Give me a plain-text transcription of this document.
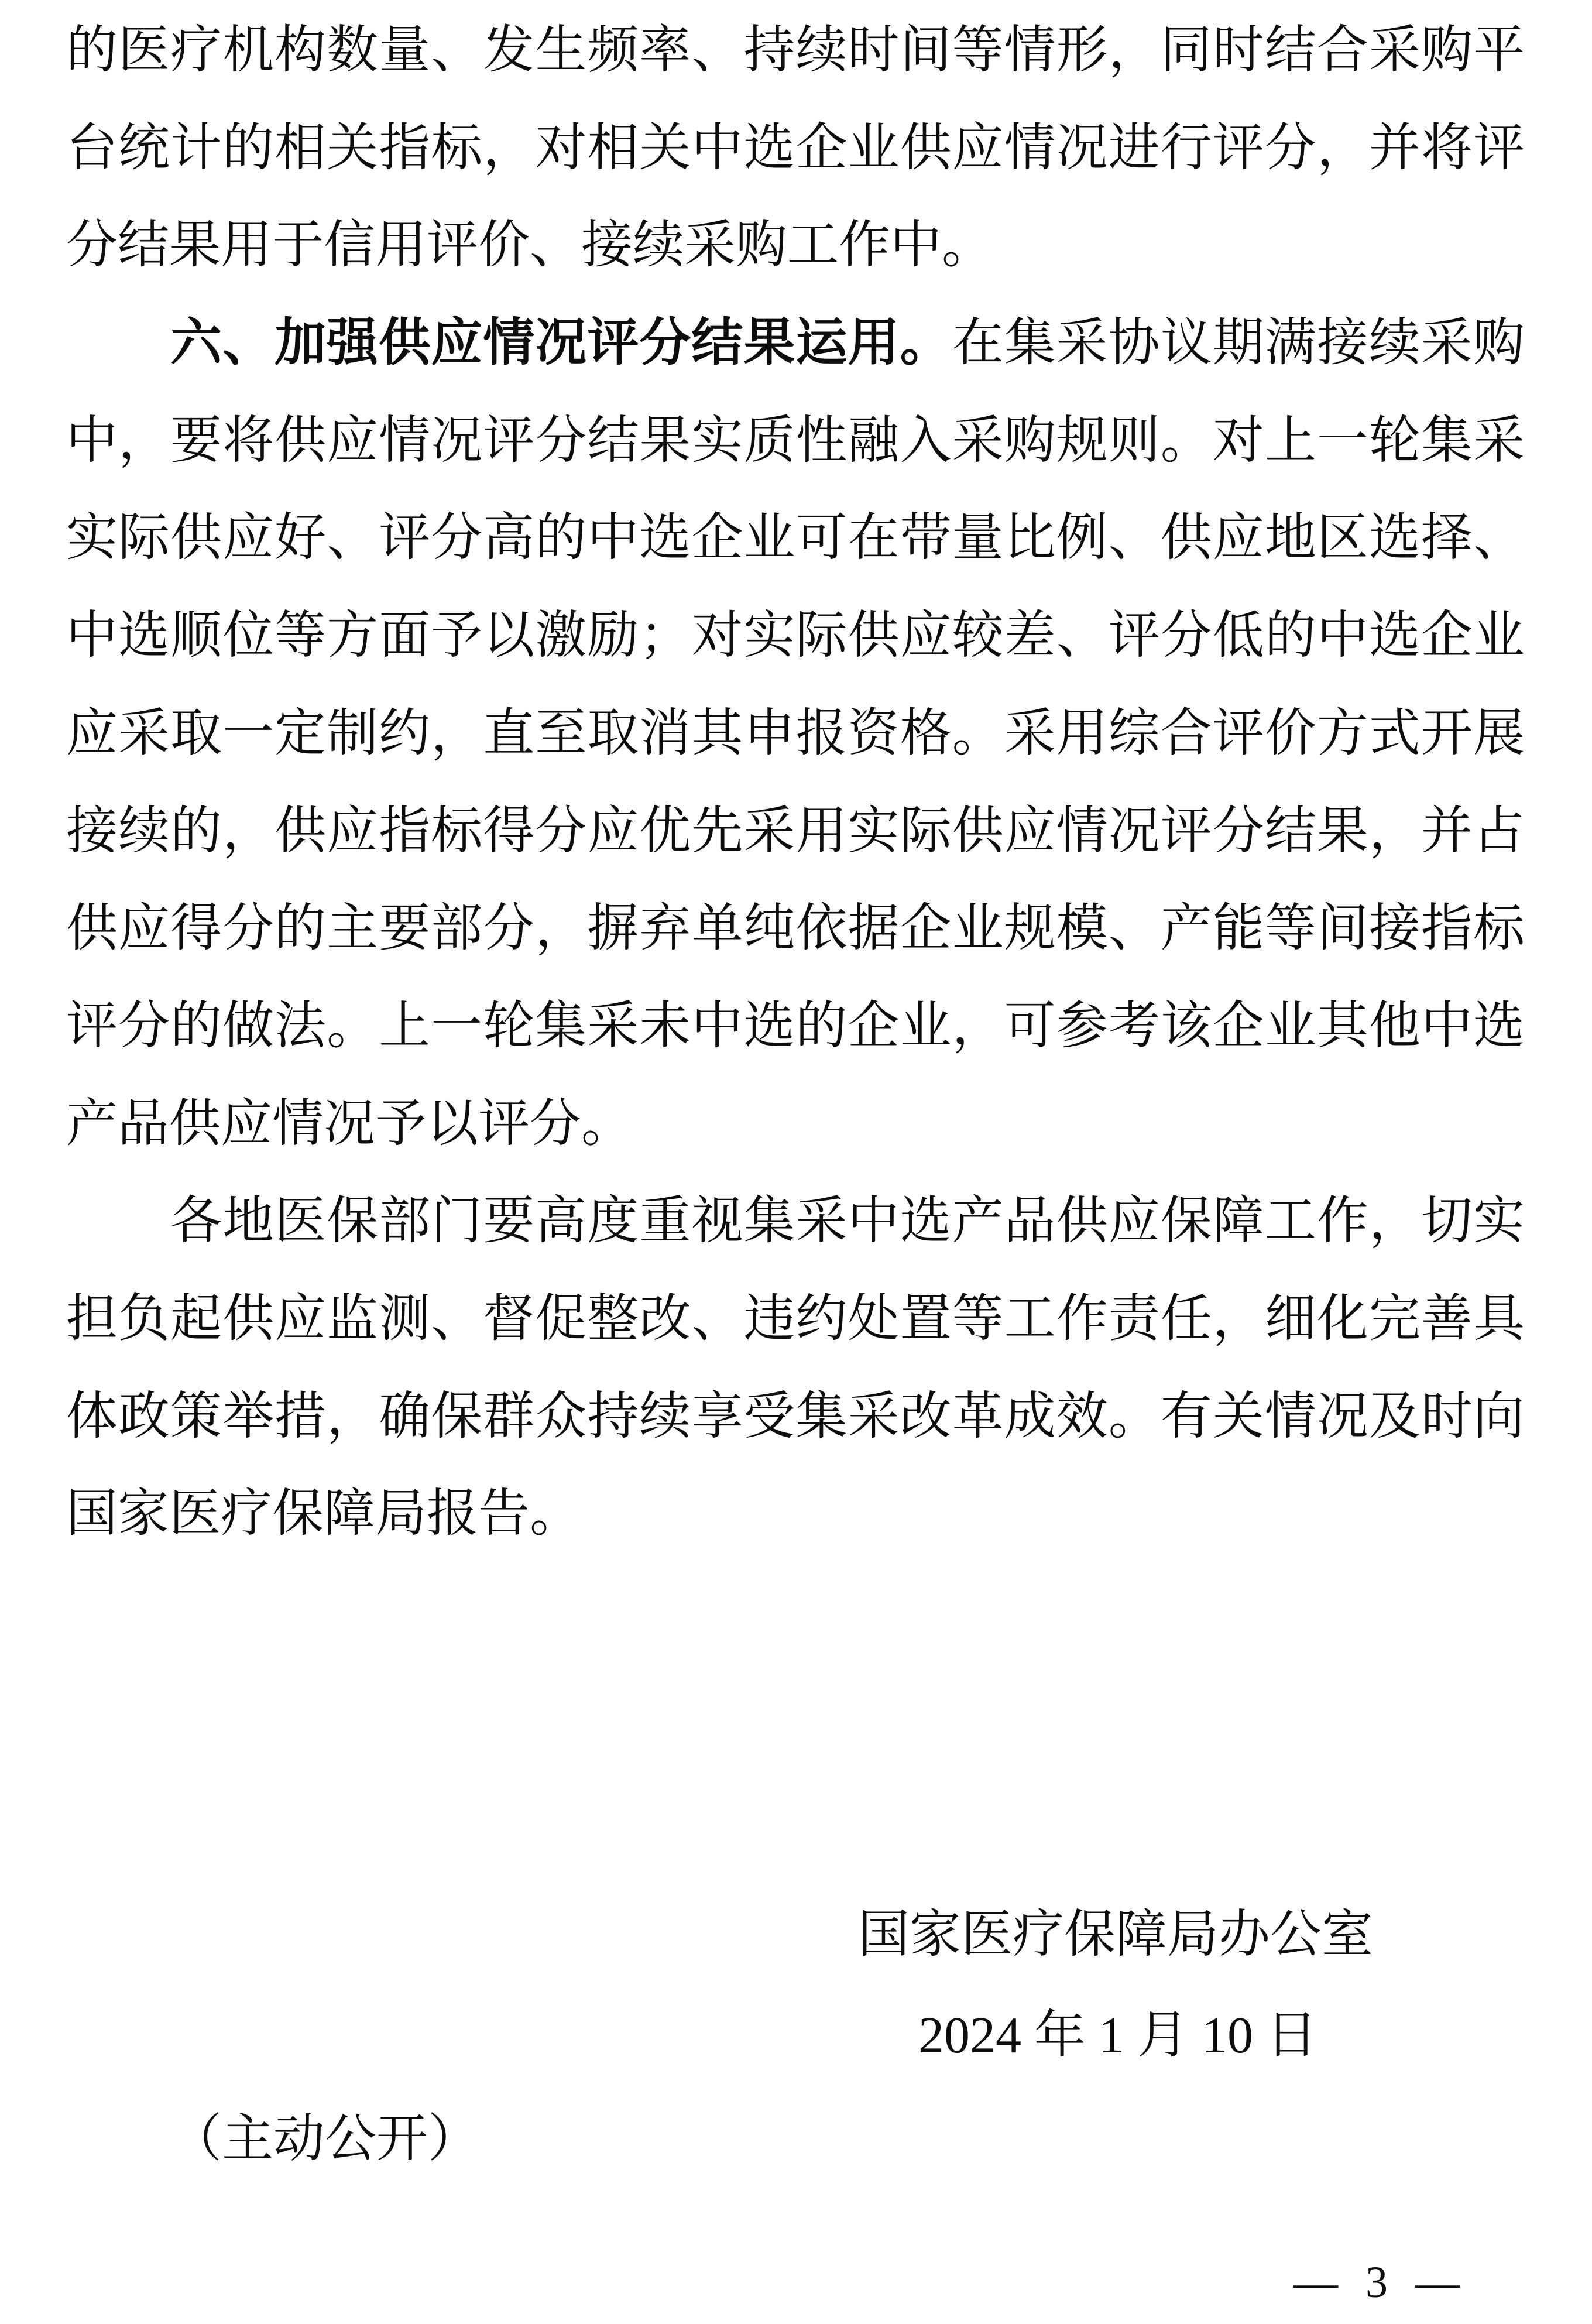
的医疗机构数量、发生频率、持续时间等情形，同时结合采购平

台统计的相关指标，对相关中选企业供应情况进行评分，并将评

分结果用于信用评价、接续采购工作中。

　　六、加强供应情况评分结果运用。在集采协议期满接续采购

中，要将供应情况评分结果实质性融入采购规则。对上一轮集采

实际供应好、评分高的中选企业可在带量比例、供应地区选择、

中选顺位等方面予以激励；对实际供应较差、评分低的中选企业

应采取一定制约，直至取消其申报资格。采用综合评价方式开展

接续的，供应指标得分应优先采用实际供应情况评分结果，并占

供应得分的主要部分，摒弃单纯依据企业规模、产能等间接指标

评分的做法。上一轮集采未中选的企业，可参考该企业其他中选

产品供应情况予以评分。

　　各地医保部门要高度重视集采中选产品供应保障工作，切实

担负起供应监测、督促整改、违约处置等工作责任，细化完善具

体政策举措，确保群众持续享受集采改革成效。有关情况及时向

国家医疗保障局报告。

国家医疗保障局办公室
2024 年 1 月 10 日
（主动公开）
— 3 —
